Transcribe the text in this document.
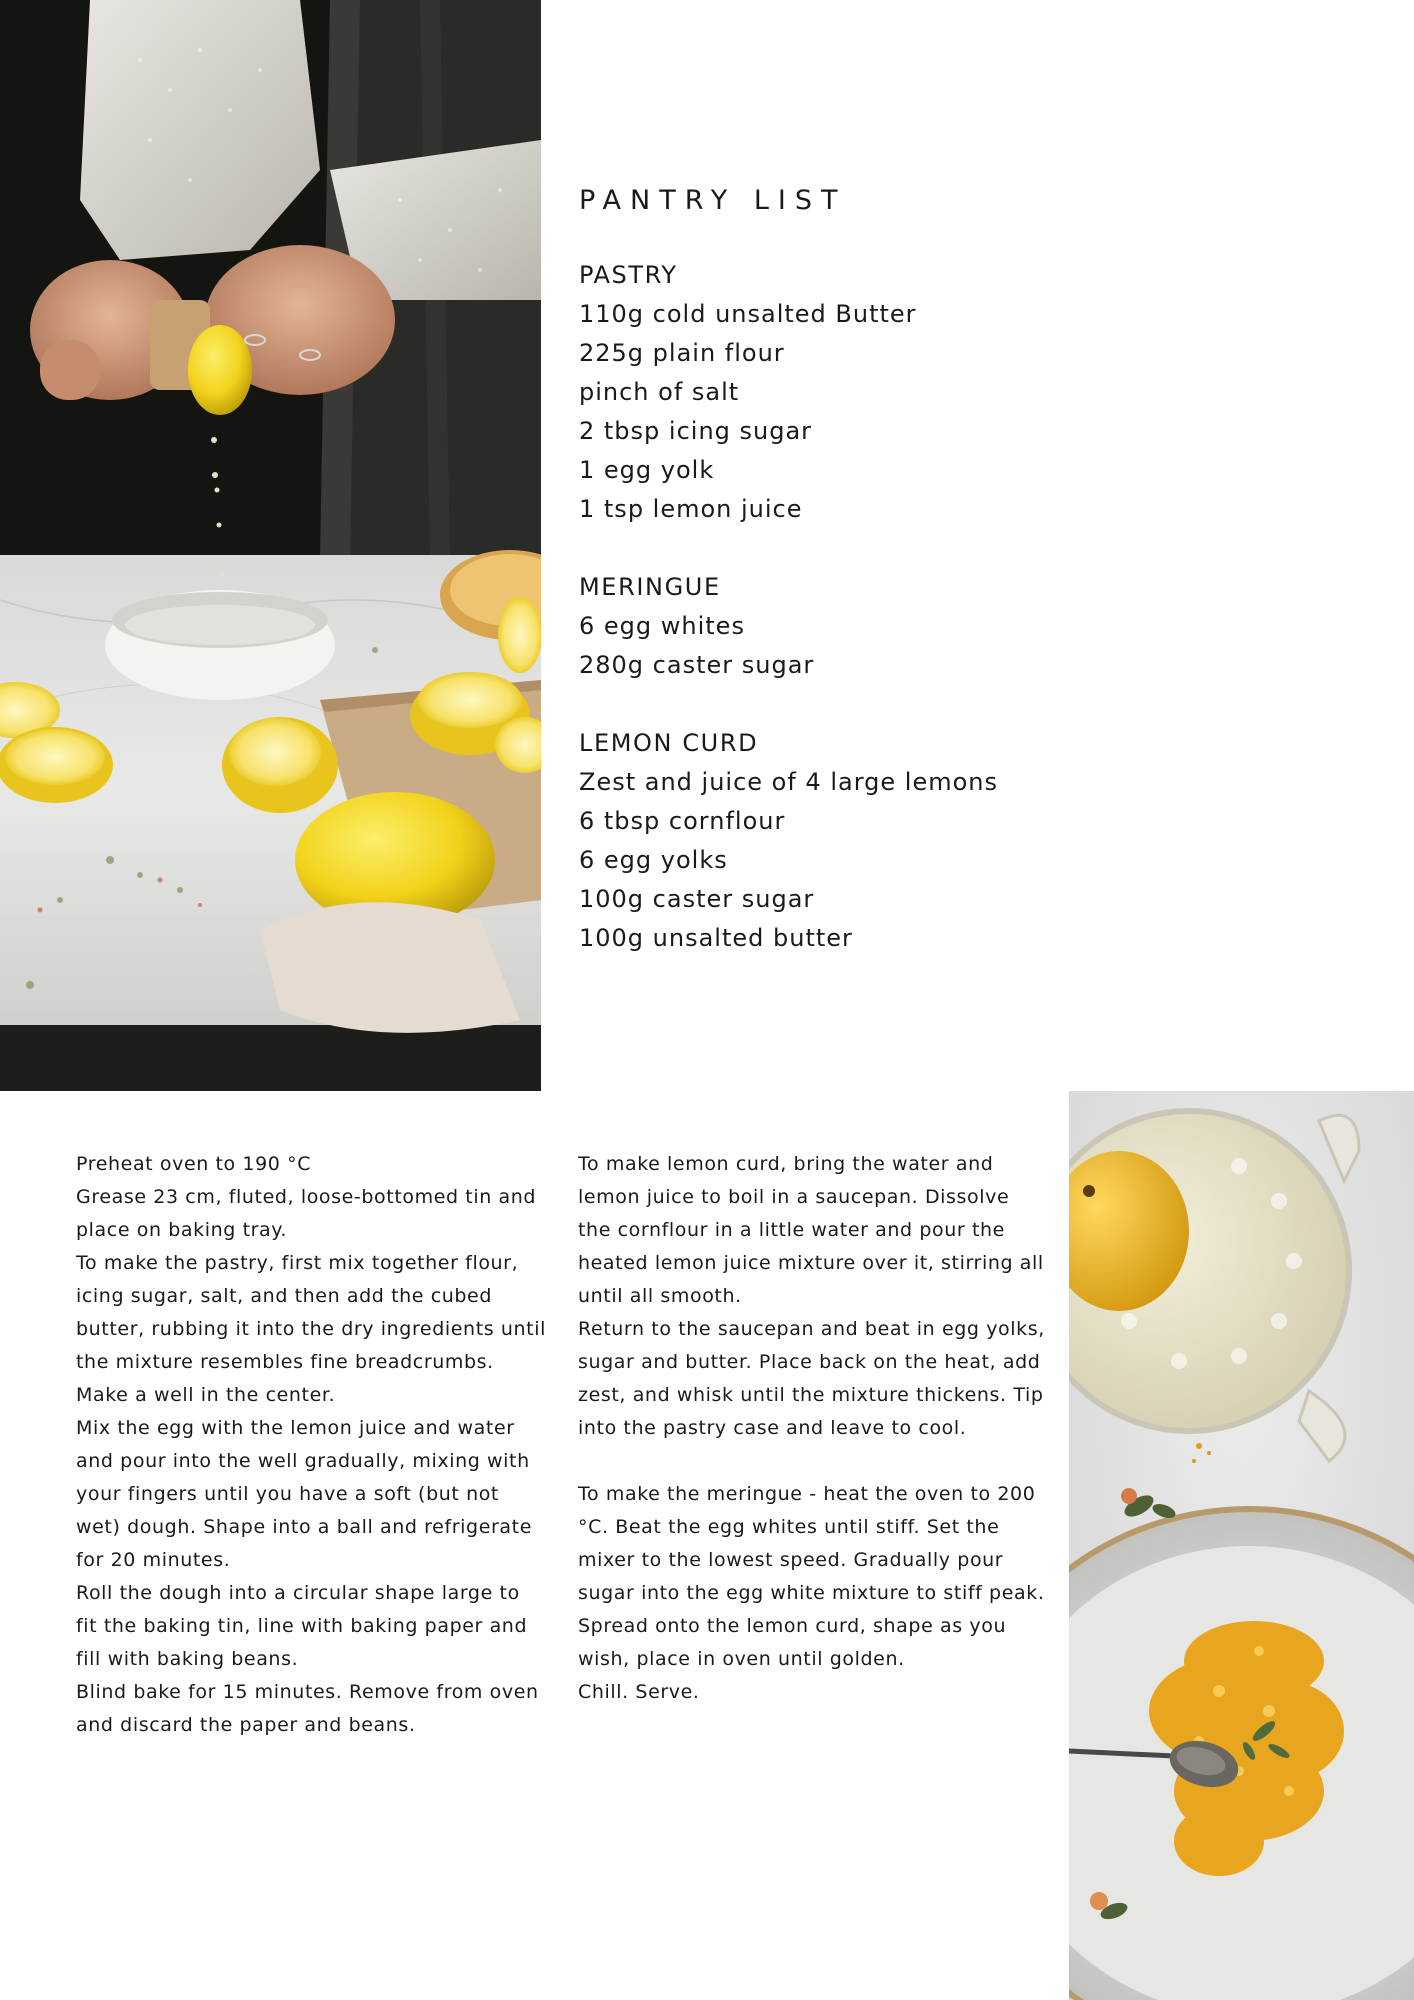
PANTRY LIST
PASTRY
110g cold unsalted Butter
225g plain flour
pinch of salt
2 tbsp icing sugar
1 egg yolk
1 tsp lemon juice
MERINGUE
6 egg whites
280g caster sugar
LEMON CURD
Zest and juice of 4 large lemons
6 tbsp cornflour
6 egg yolks
100g caster sugar
100g unsalted butter

Preheat oven to 190 °C

Grease 23 cm, fluted, loose-bottomed tin and place on baking tray.

To make the pastry, first mix together flour, icing sugar, salt, and then add the cubed butter, rubbing it into the dry ingredients until the mixture resembles fine breadcrumbs. Make a well in the center.

Mix the egg with the lemon juice and water and pour into the well gradually, mixing with your fingers until you have a soft (but not wet) dough. Shape into a ball and refrigerate for 20 minutes.

Roll the dough into a circular shape large to fit the baking tin, line with baking paper and fill with baking beans.

Blind bake for 15 minutes. Remove from oven and discard the paper and beans.

To make lemon curd, bring the water and lemon juice to boil in a saucepan. Dissolve the cornflour in a little water and pour the heated lemon juice mixture over it, stirring all until all smooth.

Return to the saucepan and beat in egg yolks, sugar and butter. Place back on the heat, add zest, and whisk until the mixture thickens. Tip into the pastry case and leave to cool.

To make the meringue - heat the oven to 200 °C. Beat the egg whites until stiff. Set the mixer to the lowest speed. Gradually pour sugar into the egg white mixture to stiff peak. Spread onto the lemon curd, shape as you wish, place in oven until golden.

Chill. Serve.
